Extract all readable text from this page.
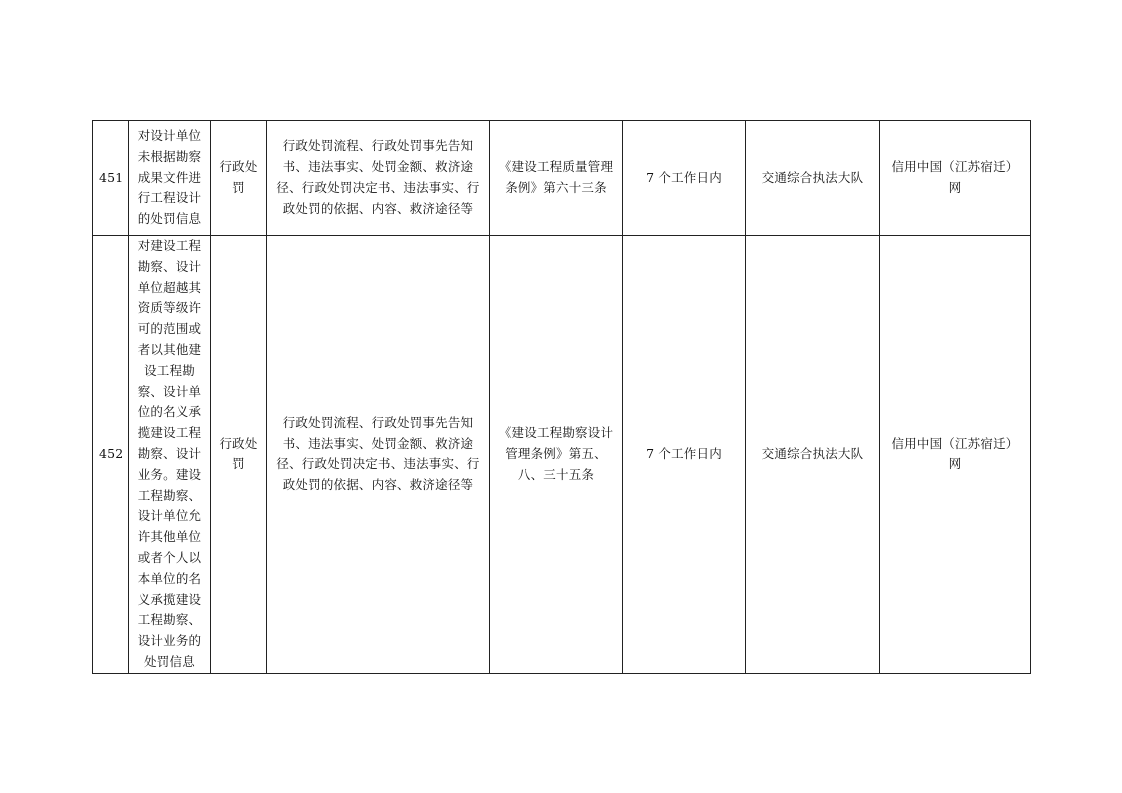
451	对设计单位未根据勘察成果文件进行工程设计的处罚信息	行政处罚	行政处罚流程、行政处罚事先告知书、违法事实、处罚金额、救济途径、行政处罚决定书、违法事实、行政处罚的依据、内容、救济途径等	《建设工程质量管理条例》第六十三条	7 个工作日内	交通综合执法大队	信用中国（江苏宿迁）网
452	对建设工程勘察、设计单位超越其资质等级许可的范围或者以其他建设工程勘察、设计单位的名义承揽建设工程勘察、设计业务。建设工程勘察、设计单位允许其他单位或者个人以本单位的名义承揽建设工程勘察、设计业务的处罚信息	行政处罚	行政处罚流程、行政处罚事先告知书、违法事实、处罚金额、救济途径、行政处罚决定书、违法事实、行政处罚的依据、内容、救济途径等	《建设工程勘察设计管理条例》第五、八、三十五条	7 个工作日内	交通综合执法大队	信用中国（江苏宿迁）网
